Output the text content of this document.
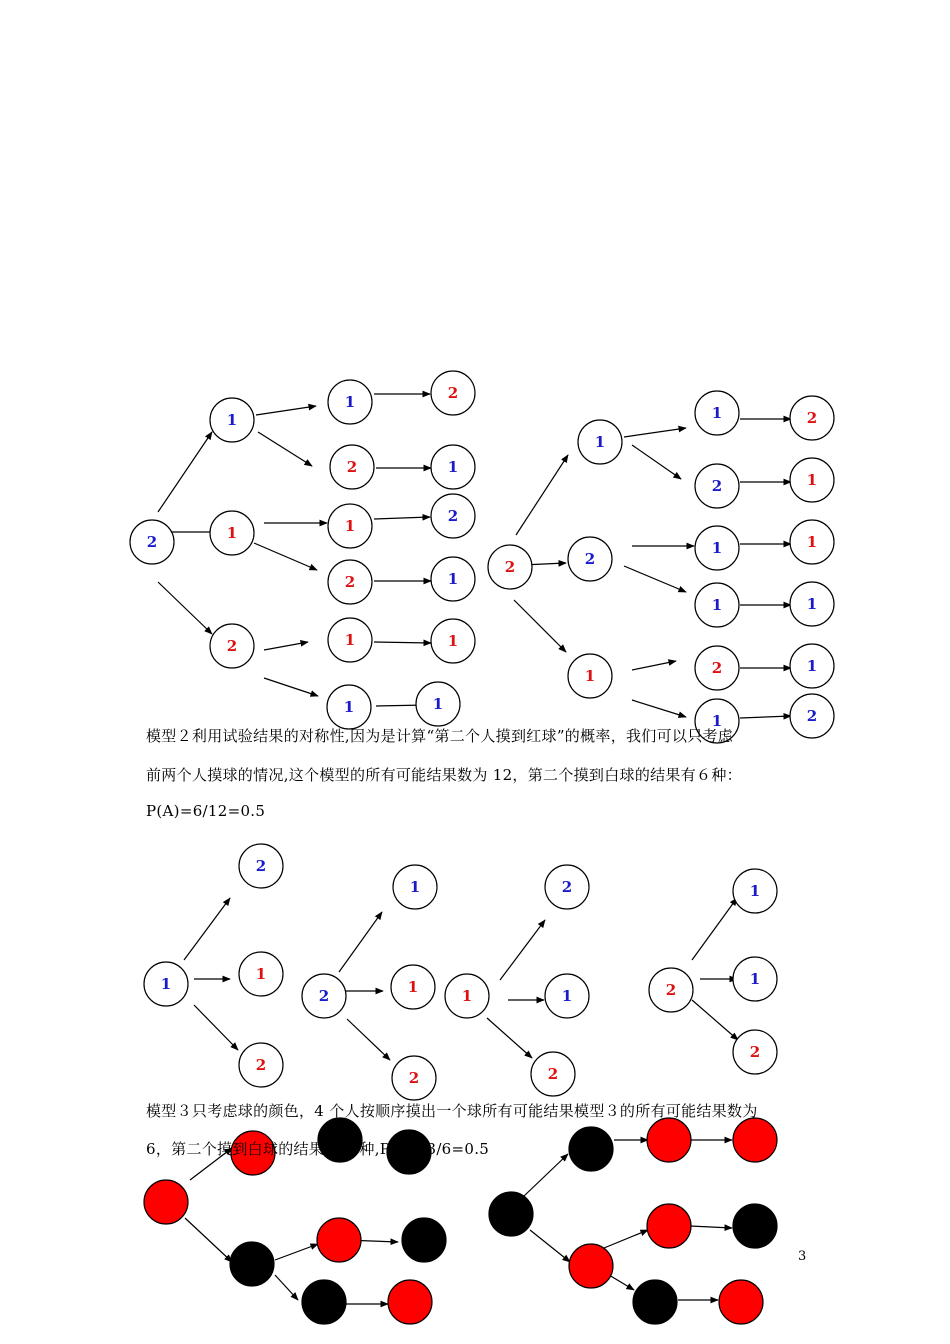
2
1
1
2
1	2
2	1
1
2
2	1
1	1
1	1
2
1
2
1
1	2
2	1
1	1
1	1
2	1
1	2
1
2
1
2
2
1
1
2
1
2
1
2
2
1
1
2
模型２利用试验结果的对称性,因为是计算“第二个人摸到红球”的概率，我们可以只考虑
前两个人摸球的情况,这个模型的所有可能结果数为 12，第二个摸到白球的结果有６种：
P(A)=6/12=0.5
模型３只考虑球的颜色，4 个人按顺序摸出一个球所有可能结果模型３的所有可能结果数为
6，第二个摸到白球的结果有 3 种,P(A)=3/6=0.5
3
